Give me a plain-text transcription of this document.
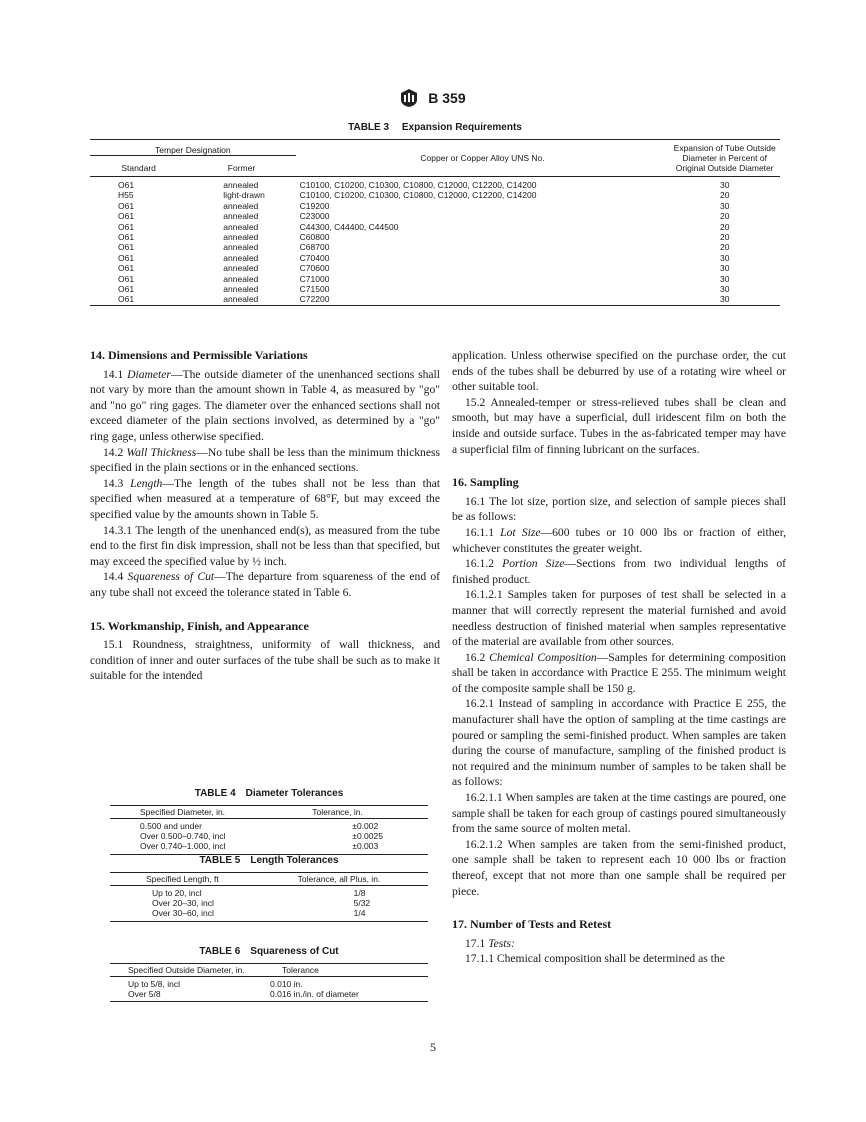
B 359
TABLE 3 Expansion Requirements
Temper Designation		Copper or Copper Alloy UNS No.	Expansion of Tube Outside Diameter in Percent of Original Outside Diameter
Standard	Former		
O61	annealed	C10100, C10200, C10300, C10800, C12000, C12200, C14200	30
H55	light-drawn	C10100, C10200, C10300, C10800, C12000, C12200, C14200	20
O61	annealed	C19200	30
O61	annealed	C23000	20
O61	annealed	C44300, C44400, C44500	20
O61	annealed	C60800	20
O61	annealed	C68700	20
O61	annealed	C70400	30
O61	annealed	C70600	30
O61	annealed	C71000	30
O61	annealed	C71500	30
O61	annealed	C72200	30
14. Dimensions and Permissible Variations

14.1 Diameter—The outside diameter of the unenhanced sections shall not vary by more than the amount shown in Table 4, as measured by "go" and "no go" ring gages. The diameter over the enhanced sections shall not exceed diameter of the plain sections involved, as determined by a "go" ring gage, unless otherwise specified.

14.2 Wall Thickness—No tube shall be less than the minimum thickness specified in the plain sections or in the enhanced sections.

14.3 Length—The length of the tubes shall not be less than that specified when measured at a temperature of 68°F, but may exceed the specified value by the amounts shown in Table 5.

14.3.1 The length of the unenhanced end(s), as measured from the tube end to the first fin disk impression, shall not be less than that specified, but may exceed the specified value by ½ inch.

14.4 Squareness of Cut—The departure from squareness of the end of any tube shall not exceed the tolerance stated in Table 6.

15. Workmanship, Finish, and Appearance

15.1 Roundness, straightness, uniformity of wall thickness, and condition of inner and outer surfaces of the tube shall be such as to make it suitable for the intended

TABLE 4 Diameter Tolerances
Specified Diameter, in.	Tolerance, in.
0.500 and under	±0.002
Over 0.500–0.740, incl	±0.0025
Over 0.740–1.000, incl	±0.003
TABLE 5 Length Tolerances
Specified Length, ft	Tolerance, all Plus, in.
Up to 20, incl	1/8
Over 20–30, incl	5/32
Over 30–60, incl	1/4
TABLE 6 Squareness of Cut
Specified Outside Diameter, in.	Tolerance
Up to 5/8, incl	0.010 in.
Over 5/8	0.016 in./in. of diameter

application. Unless otherwise specified on the purchase order, the cut ends of the tubes shall be deburred by use of a rotating wire wheel or other suitable tool.

15.2 Annealed-temper or stress-relieved tubes shall be clean and smooth, but may have a superficial, dull iridescent film on both the inside and outside surface. Tubes in the as-fabricated temper may have a superficial film of finning lubricant on the surfaces.

16. Sampling

16.1 The lot size, portion size, and selection of sample pieces shall be as follows:

16.1.1 Lot Size—600 tubes or 10 000 lbs or fraction of either, whichever constitutes the greater weight.

16.1.2 Portion Size—Sections from two individual lengths of finished product.

16.1.2.1 Samples taken for purposes of test shall be selected in a manner that will correctly represent the material furnished and avoid needless destruction of finished material when samples representative of the material are available from other sources.

16.2 Chemical Composition—Samples for determining composition shall be taken in accordance with Practice E 255. The minimum weight of the composite sample shall be 150 g.

16.2.1 Instead of sampling in accordance with Practice E 255, the manufacturer shall have the option of sampling at the time castings are poured or sampling the semi-finished product. When samples are taken during the course of manufacture, sampling of the finished product is not required and the minimum number of samples to be taken shall be as follows:

16.2.1.1 When samples are taken at the time castings are poured, one sample shall be taken for each group of castings poured simultaneously from the same source of molten metal.

16.2.1.2 When samples are taken from the semi-finished product, one sample shall be taken to represent each 10 000 lbs or fraction thereof, except that not more than one sample shall be required per piece.

17. Number of Tests and Retest

17.1 Tests:

17.1.1 Chemical composition shall be determined as the

5
